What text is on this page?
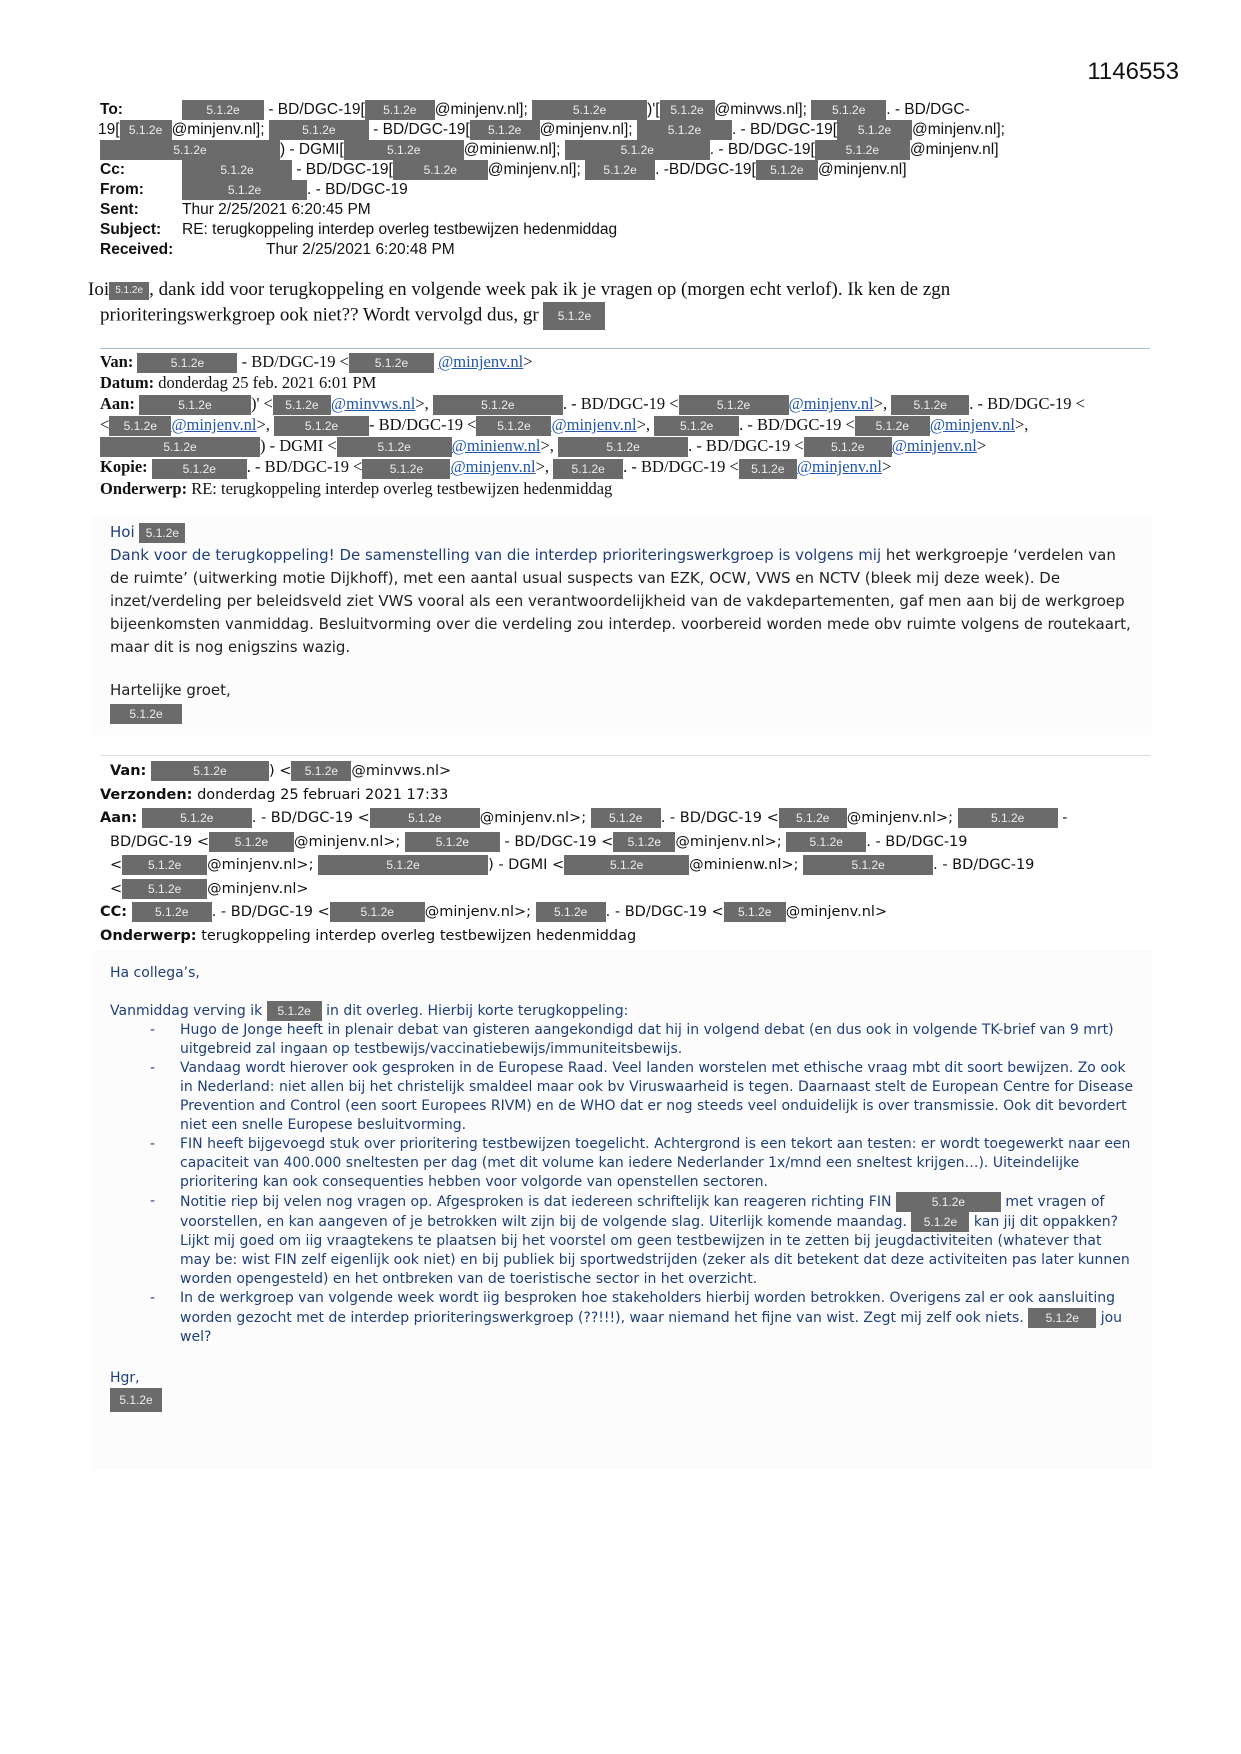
1146553
To:	5.1.2e - BD/DGC-19[ 5.1.2e @minjenv.nl];	5.1.2e	)'[ 5.1.2e @minvws.nl]; 5.1.2e . - BD/DGC-
19[ 5.1.2e @minjenv.nl];	5.1.2e - BD/DGC-19[ 5.1.2e @minjenv.nl];	5.1.2e . - BD/DGC-19[ 5.1.2e @minjenv.nl];
5.1.2e	) - DGMI[	5.1.2e	@minienw.nl];	5.1.2e	. - BD/DGC-19[	5.1.2e @minjenv.nl]
Cc:	5.1.2e	- BD/DGC-19[	5.1.2e @minjenv.nl]; 5.1.2e . -BD/DGC-19[ 5.1.2e @minjenv.nl]
From:	5.1.2e	. - BD/DGC-19
Sent:	Thur 2/25/2021 6:20:45 PM
Subject: RE: terugkoppeling interdep overleg testbewijzen hedenmiddag
Received:	Thur 2/25/2021 6:20:48 PM
Ioi 5.1.2e , dank idd voor terugkoppeling en volgende week pak ik je vragen op (morgen echt verlof). Ik ken de zgn
prioriteringswerkgroep ook niet?? Wordt vervolgd dus, gr 5.1.2e
Van:	5.1.2e - BD/DGC-19 < 5.1.2e @minjenv.nl>
Datum: donderdag 25 feb. 2021 6:01 PM
Aan:	5.1.2e )' < 5.1.2e @minvws.nl>,	5.1.2e	. - BD/DGC-19 <	5.1.2e @minjenv.nl>, 5.1.2e . - BD/DGC-19 <
< 5.1.2e @minjenv.nl>,	5.1.2e - BD/DGC-19 < 5.1.2e @minjenv.nl>, 5.1.2e . - BD/DGC-19 < 5.1.2e @minjenv.nl>,
5.1.2e	) - DGMI <	5.1.2e @minienw.nl>,	5.1.2e	. - BD/DGC-19 < 5.1.2e @minjenv.nl>
Kopie:	5.1.2e . - BD/DGC-19 < 5.1.2e @minjenv.nl>, 5.1.2e . - BD/DGC-19 < 5.1.2e @minjenv.nl>
Onderwerp: RE: terugkoppeling interdep overleg testbewijzen hedenmiddag
Hoi 5.1.2e
Dank voor de terugkoppeling! De samenstelling van die interdep prioriteringswerkgroep is volgens mij het werkgroepje ‘verdelen van de ruimte’ (uitwerking motie Dijkhoff), met een aantal usual suspects van EZK, OCW, VWS en NCTV (bleek mij deze week). De inzet/verdeling per beleidsveld ziet VWS vooral als een verantwoordelijkheid van de vakdepartementen, gaf men aan bij de werkgroep bijeenkomsten vanmiddag. Besluitvorming over die verdeling zou interdep. voorbereid worden mede obv ruimte volgens de routekaart, maar dit is nog enigszins wazig.
Hartelijke groet,
5.1.2e
Van:	5.1.2e	) < 5.1.2e @minvws.nl>
Verzonden: donderdag 25 februari 2021 17:33
Aan:	5.1.2e	. - BD/DGC-19 <	5.1.2e	@minjenv.nl>; 5.1.2e . - BD/DGC-19 < 5.1.2e @minjenv.nl>;	5.1.2e	-
BD/DGC-19 < 5.1.2e @minjenv.nl>;	5.1.2e - BD/DGC-19 < 5.1.2e @minjenv.nl>; 5.1.2e . - BD/DGC-19
< 5.1.2e @minjenv.nl>;	5.1.2e	) - DGMI <	5.1.2e	@minienw.nl>;	5.1.2e	. - BD/DGC-19
< 5.1.2e @minjenv.nl>
CC: 5.1.2e . - BD/DGC-19 <	5.1.2e @minjenv.nl>; 5.1.2e . - BD/DGC-19 < 5.1.2e @minjenv.nl>
Onderwerp: terugkoppeling interdep overleg testbewijzen hedenmiddag
Ha collega’s,
Vanmiddag verving ik 5.1.2e in dit overleg. Hierbij korte terugkoppeling:
- Hugo de Jonge heeft in plenair debat van gisteren aangekondigd dat hij in volgend debat (en dus ook in volgende TK-brief van 9 mrt) uitgebreid zal ingaan op testbewijs/vaccinatiebewijs/immuniteitsbewijs.
- Vandaag wordt hierover ook gesproken in de Europese Raad. Veel landen worstelen met ethische vraag mbt dit soort bewijzen. Zo ook in Nederland: niet allen bij het christelijk smaldeel maar ook bv Viruswaarheid is tegen. Daarnaast stelt de European Centre for Disease Prevention and Control (een soort Europees RIVM) en de WHO dat er nog steeds veel onduidelijk is over transmissie. Ook dit bevordert niet een snelle Europese besluitvorming.
- FIN heeft bijgevoegd stuk over prioritering testbewijzen toegelicht. Achtergrond is een tekort aan testen: er wordt toegewerkt naar een capaciteit van 400.000 sneltesten per dag (met dit volume kan iedere Nederlander 1x/mnd een sneltest krijgen…). Uiteindelijke prioritering kan ook consequenties hebben voor volgorde van openstellen sectoren.
- Notitie riep bij velen nog vragen op. Afgesproken is dat iedereen schriftelijk kan reageren richting FIN	5.1.2e	met vragen of voorstellen, en kan aangeven of je betrokken wilt zijn bij de volgende slag. Uiterlijk komende maandag. 5.1.2e kan jij dit oppakken? Lijkt mij goed om iig vraagtekens te plaatsen bij het voorstel om geen testbewijzen in te zetten bij jeugdactiviteiten (whatever that may be: wist FIN zelf eigenlijk ook niet) en bij publiek bij sportwedstrijden (zeker als dit betekent dat deze activiteiten pas later kunnen worden opengesteld) en het ontbreken van de toeristische sector in het overzicht.
- In de werkgroep van volgende week wordt iig besproken hoe stakeholders hierbij worden betrokken. Overigens zal er ook aansluiting worden gezocht met de interdep prioriteringswerkgroep (??!!!), waar niemand het fijne van wist. Zegt mij zelf ook niets. 5.1.2e jou wel?
Hgr,
5.1.2e
